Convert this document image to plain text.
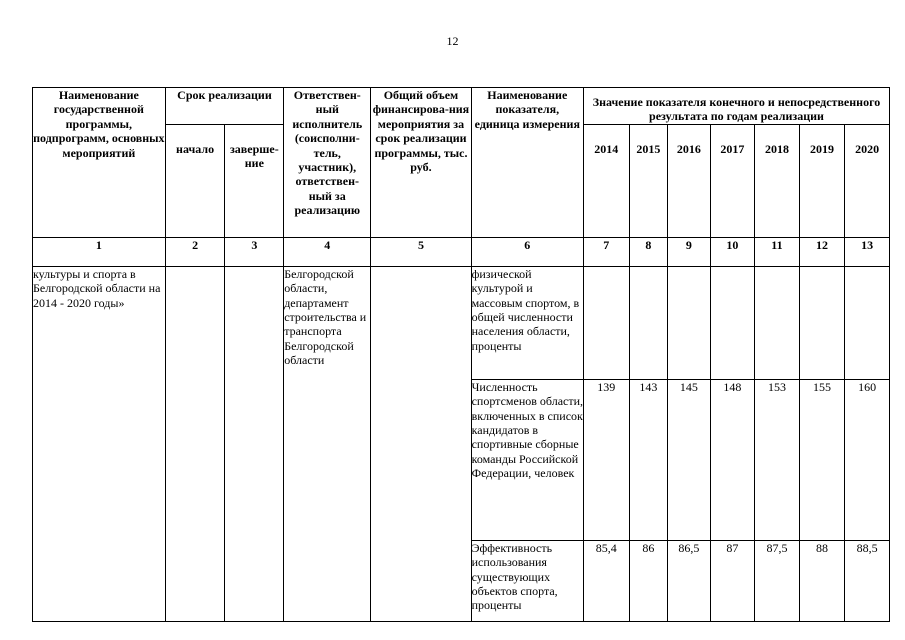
12
Наименование государственной программы, подпрограмм, основных мероприятий	Срок реализации		Ответствен-ный исполнитель (соисполни-тель, участник), ответствен-ный за реализацию	Общий объем финансирова-ния мероприятия за срок реализации программы, тыс. руб.	Наименование показателя, единица измерения	Значение показателя конечного и непосредственного результата по годам реализации						
	начало	заверше-ние				2014	2015	2016	2017	2018	2019	2020
1	2	3	4	5	6	7	8	9	10	11	12	13
культуры и спорта в Белгородской области на 2014 - 2020 годы»			Белгородской области, департамент строительства и транспорта Белгородской области		физической культурой и массовым спортом, в общей численности населения области, проценты							
					Численность спортсменов области, включенных в список кандидатов в спортивные сборные команды Российской Федерации, человек	139	143	145	148	153	155	160
					Эффективность использования существующих объектов спорта, проценты	85,4	86	86,5	87	87,5	88	88,5
